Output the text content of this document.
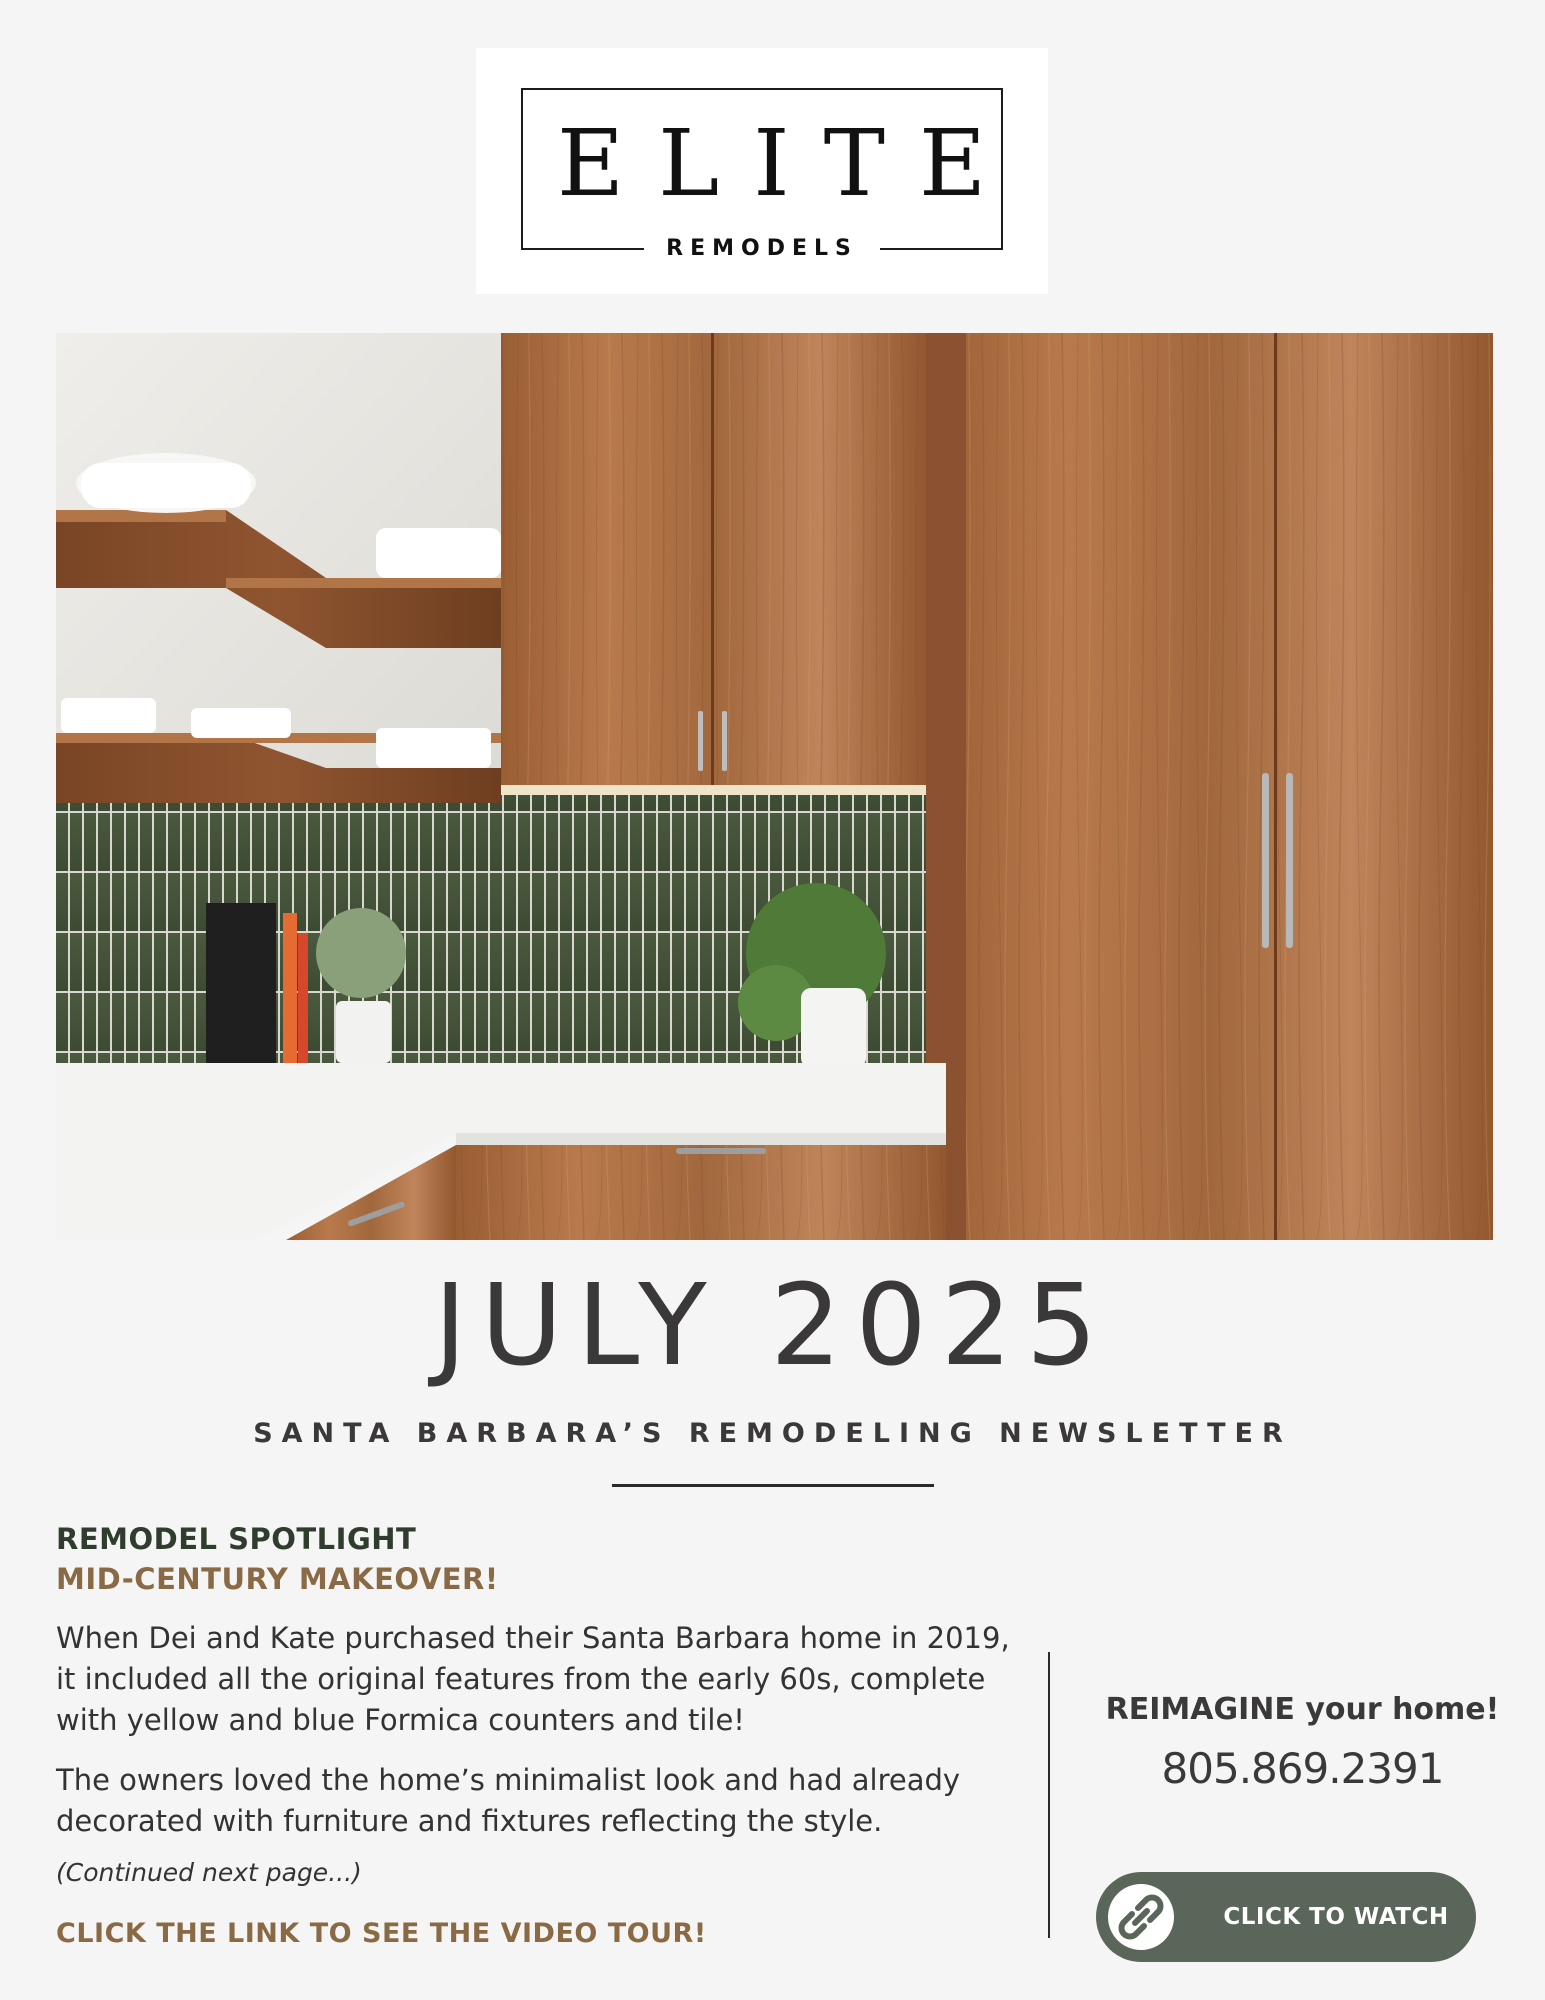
ELITE
REMODELS
JULY 2025
SANTA BARBARA’S REMODELING NEWSLETTER
REMODEL SPOTLIGHT
MID-CENTURY MAKEOVER!
When Dei and Kate purchased their Santa Barbara home in 2019, it included all the original features from the early 60s, complete with yellow and blue Formica counters and tile!
The owners loved the home’s minimalist look and had already decorated with furniture and fixtures reflecting the style.
(Continued next page...)
CLICK THE LINK TO SEE THE VIDEO TOUR!
REIMAGINE your home!
805.869.2391
CLICK TO WATCH
